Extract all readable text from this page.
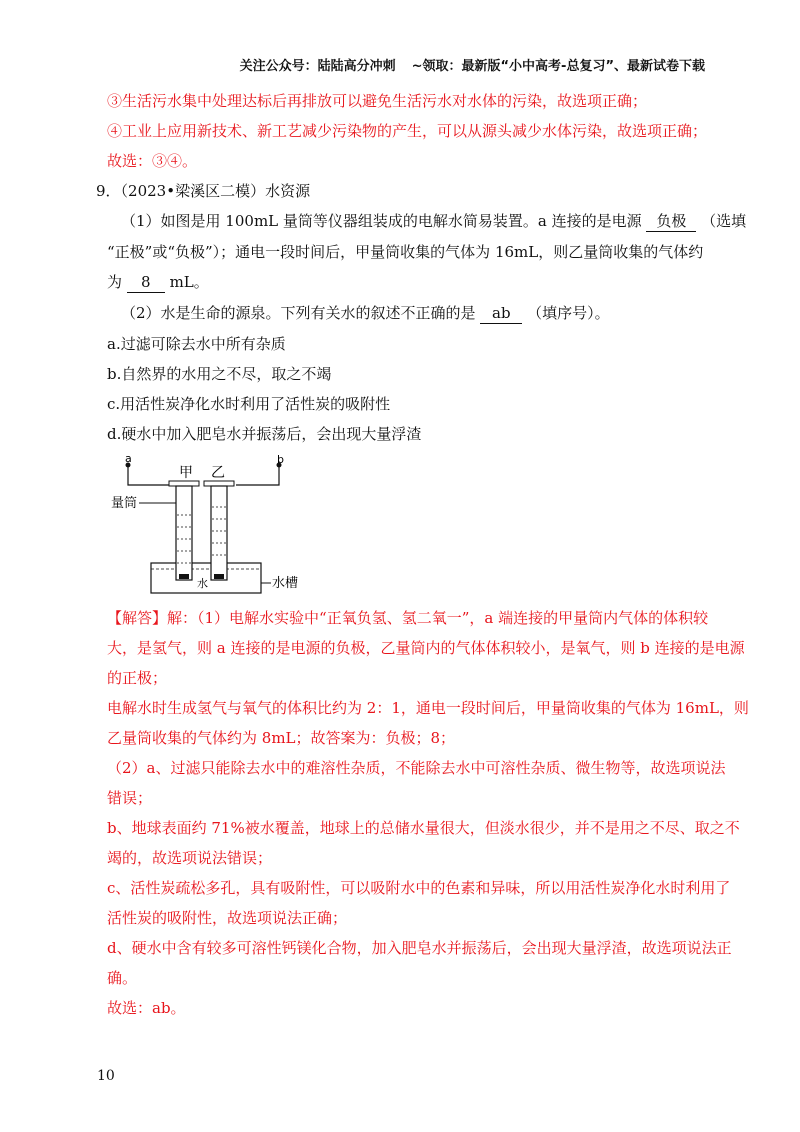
关注公众号：陆陆高分冲刺 ~领取：最新版“小中高考-总复习”、最新试卷下载

③生活污水集中处理达标后再排放可以避免生活污水对水体的污染，故选项正确；

④工业上应用新技术、新工艺减少污染物的产生，可以从源头减少水体污染，故选项正确；

故选：③④。

9．（2023•梁溪区二模）水资源

（1）如图是用 100mL 量筒等仪器组装成的电解水简易装置。a 连接的是电源 负极 （选填

“正极”或“负极”）；通电一段时间后，甲量筒收集的气体为 16mL，则乙量筒收集的气体约

为 8 mL。

（2）水是生命的源泉。下列有关水的叙述不正确的是 ab （填序号）。

a.过滤可除去水中所有杂质

b.自然界的水用之不尽，取之不竭

c.用活性炭净化水时利用了活性炭的吸附性

d.硬水中加入肥皂水并振荡后，会出现大量浮渣

a	b
甲 乙
量筒
水	水槽

【解答】解：（1）电解水实验中“正氧负氢、氢二氧一”，a 端连接的甲量筒内气体的体积较

大，是氢气，则 a 连接的是电源的负极，乙量筒内的气体体积较小，是氧气，则 b 连接的是电源

的正极；

电解水时生成氢气与氧气的体积比约为 2：1，通电一段时间后，甲量筒收集的气体为 16mL，则

乙量筒收集的气体约为 8mL；故答案为：负极；8；

（2）a、过滤只能除去水中的难溶性杂质，不能除去水中可溶性杂质、微生物等，故选项说法

错误；

b、地球表面约 71%被水覆盖，地球上的总储水量很大，但淡水很少，并不是用之不尽、取之不

竭的，故选项说法错误；

c、活性炭疏松多孔，具有吸附性，可以吸附水中的色素和异味，所以用活性炭净化水时利用了

活性炭的吸附性，故选项说法正确；

d、硬水中含有较多可溶性钙镁化合物，加入肥皂水并振荡后，会出现大量浮渣，故选项说法正

确。

故选：ab。

10
